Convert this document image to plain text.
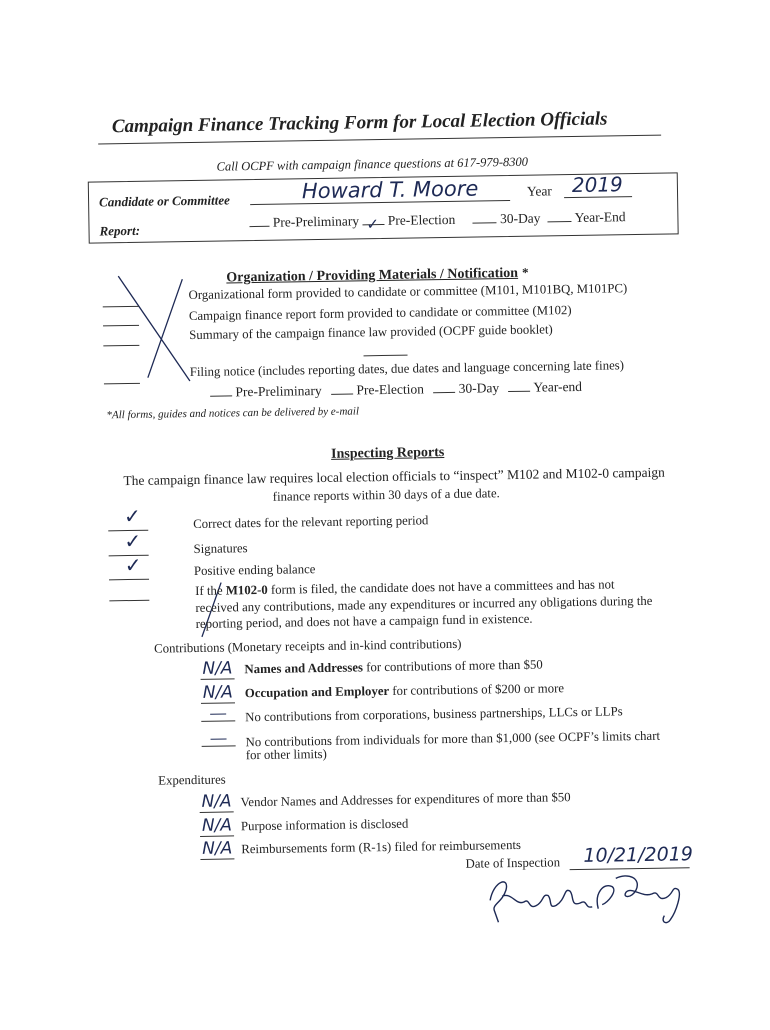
Campaign Finance Tracking Form for Local Election Officials
Call OCPF with campaign finance questions at 617-979-8300
Candidate or Committee	Howard T. Moore	Year 2019
Report:
Pre-Preliminary ✓ Pre-Election	30-Day	Year-End
Organization / Providing Materials / Notification *
Organizational form provided to candidate or committee (M101, M101BQ, M101PC)
Campaign finance report form provided to candidate or committee (M102)
Summary of the campaign finance law provided (OCPF guide booklet)
Filing notice (includes reporting dates, due dates and language concerning late fines)
Pre-Preliminary	Pre-Election	30-Day	Year-end
*All forms, guides and notices can be delivered by e-mail
Inspecting Reports
The campaign finance law requires local election officials to “inspect” M102 and M102-0 campaign
finance reports within 30 days of a due date.
✓	Correct dates for the relevant reporting period
✓	Signatures
✓	Positive ending balance
If the M102-0 form is filed, the candidate does not have a committees and has not
received any contributions, made any expenditures or incurred any obligations during the
reporting period, and does not have a campaign fund in existence.
Contributions (Monetary receipts and in-kind contributions)
N/A Names and Addresses for contributions of more than $50
N/A Occupation and Employer for contributions of $200 or more
No contributions from corporations, business partnerships, LLCs or LLPs
No contributions from individuals for more than $1,000 (see OCPF’s limits chart
for other limits)
Expenditures
N/A Vendor Names and Addresses for expenditures of more than $50
N/A Purpose information is disclosed
N/A Reimbursements form (R-1s) filed for reimbursements
Date of Inspection 10/21/2019
